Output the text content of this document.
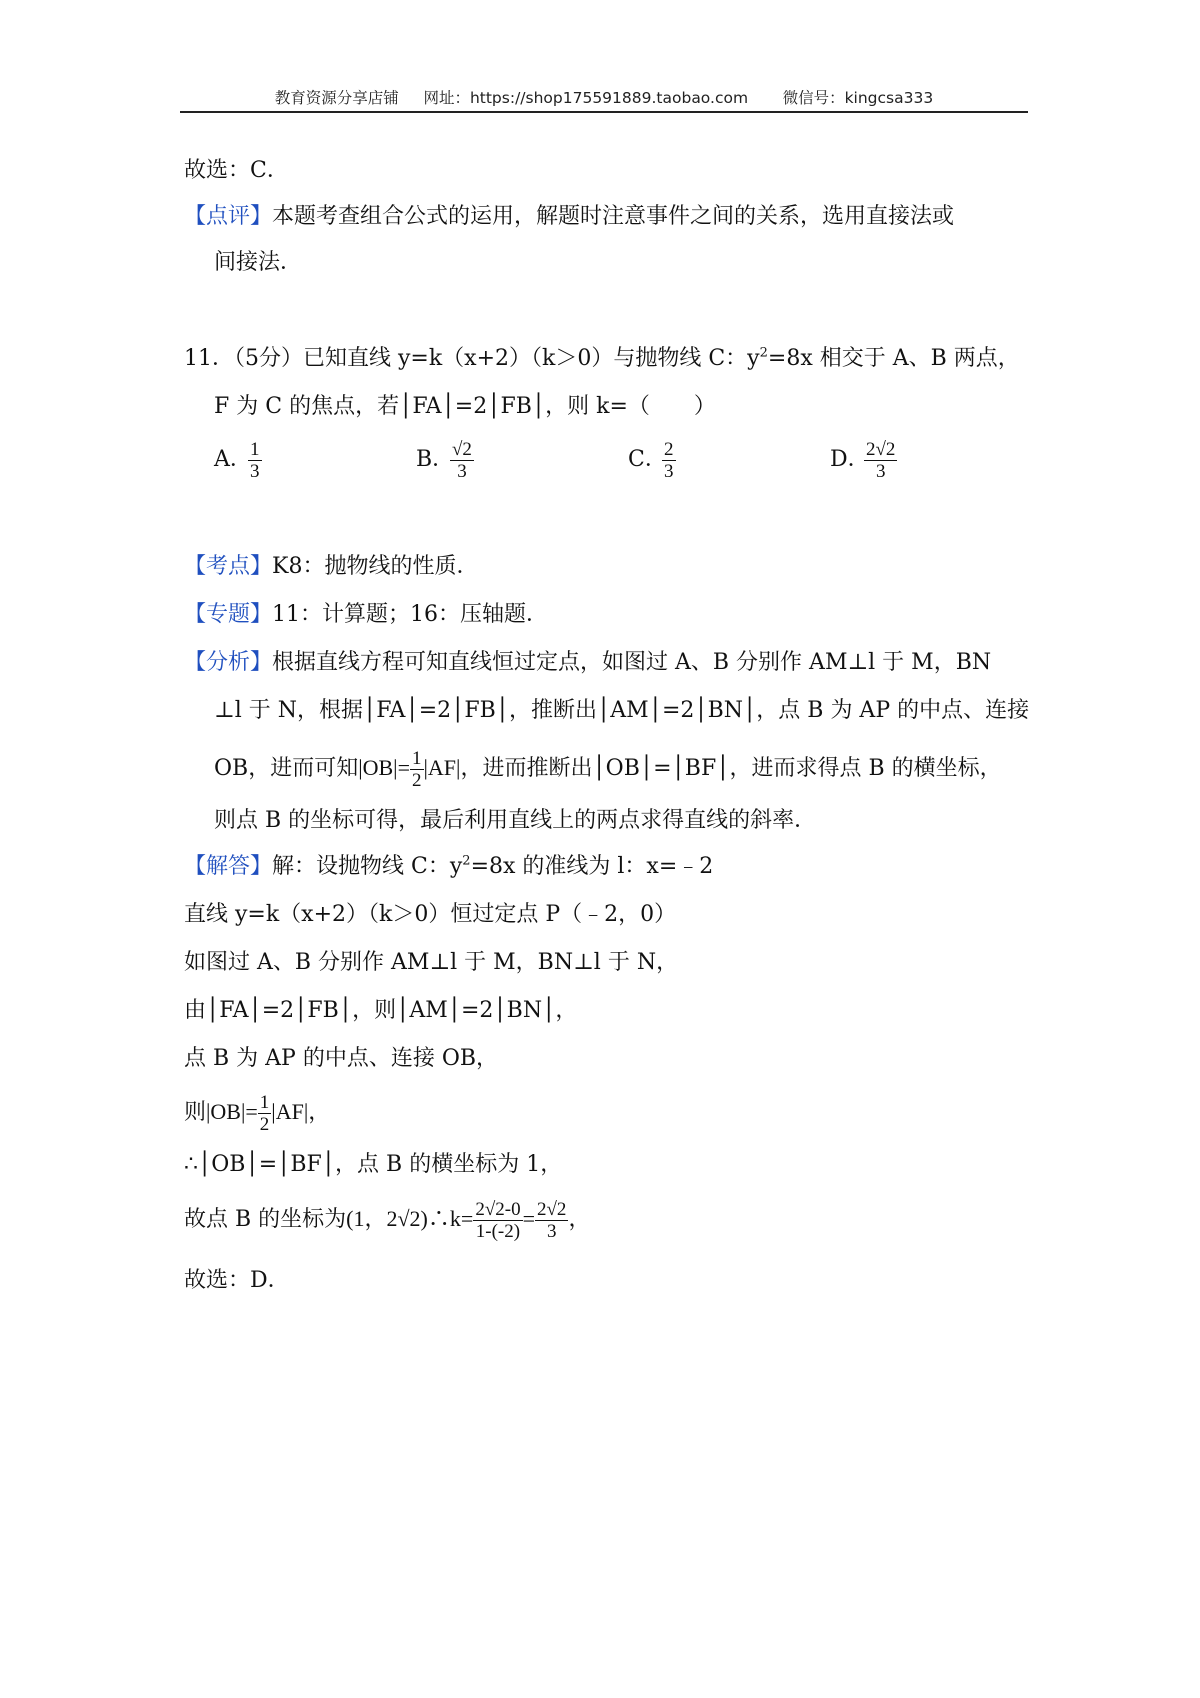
教育资源分享店铺 网址：https://shop175591889.taobao.com 微信号：kingcsa333
故选：C．
【点评】本题考查组合公式的运用，解题时注意事件之间的关系，选用直接法或
间接法．
11．（5分）已知直线 y=k（x+2）（k＞0）与抛物线 C：$y^2=8x$ 相交于 A、B 两点，
F 为 C 的焦点，若│FA│=2│FB│，则 k=（　　）
A．
$\frac{1}{3}$	B．
$\frac{√2}{3}$	C．
$\frac{2}{3}$	D．
$\frac{2√2}{3}$
【考点】K8：抛物线的性质．
【专题】11：计算题；16：压轴题．
【分析】根据直线方程可知直线恒过定点，如图过 A、B 分别作 AM⊥l 于 M，BN
⊥l 于 N，根据│FA│=2│FB│，推断出│AM│=2│BN│，点 B 为 AP 的中点、连接
OB，进而可知$|OB|= \frac{1}{2} |AF|$，进而推断出│OB│=│BF│，进而求得点 B 的横坐标，
则点 B 的坐标可得，最后利用直线上的两点求得直线的斜率．
【解答】解：设抛物线 C：$y^2=8x$ 的准线为 l：x=﹣2
直线 y=k（x+2）（k＞0）恒过定点 P（﹣2，0）
如图过 A、B 分别作 AM⊥l 于 M，BN⊥l 于 N，
由│FA│=2│FB│，则│AM│=2│BN│，
点 B 为 AP 的中点、连接 OB，
则$|OB|= \frac{1}{2} |AF|$，
∴│OB│=│BF│，点 B 的横坐标为 1，
故点 B 的坐标为(1，2√2)∴k= $\frac{2√2-0}{1-(-2)} = \frac{2√2}{3}$ ，
故选：D．
